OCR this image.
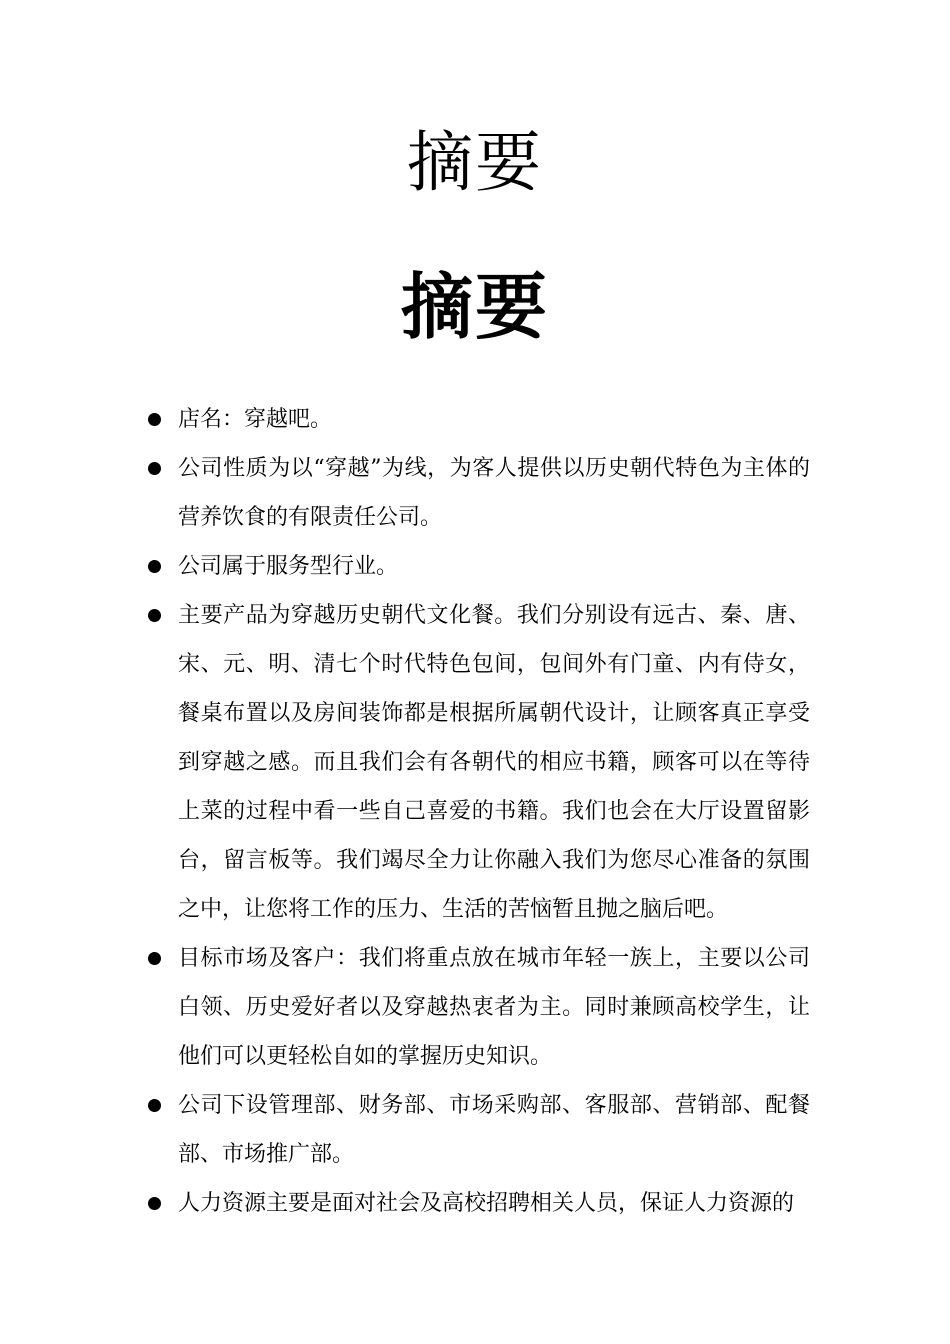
摘要
摘要
店名：穿越吧。
公司性质为以“穿越”为线，为客人提供以历史朝代特色为主体的营养饮食的有限责任公司。
公司属于服务型行业。
主要产品为穿越历史朝代文化餐。我们分别设有远古、秦、唐、宋、元、明、清七个时代特色包间，包间外有门童、内有侍女，餐桌布置以及房间装饰都是根据所属朝代设计，让顾客真正享受到穿越之感。而且我们会有各朝代的相应书籍，顾客可以在等待上菜的过程中看一些自己喜爱的书籍。我们也会在大厅设置留影台，留言板等。我们竭尽全力让你融入我们为您尽心准备的氛围之中，让您将工作的压力、生活的苦恼暂且抛之脑后吧。
目标市场及客户：我们将重点放在城市年轻一族上，主要以公司白领、历史爱好者以及穿越热衷者为主。同时兼顾高校学生，让他们可以更轻松自如的掌握历史知识。
公司下设管理部、财务部、市场采购部、客服部、营销部、配餐部、市场推广部。
人力资源主要是面对社会及高校招聘相关人员，保证人力资源的
